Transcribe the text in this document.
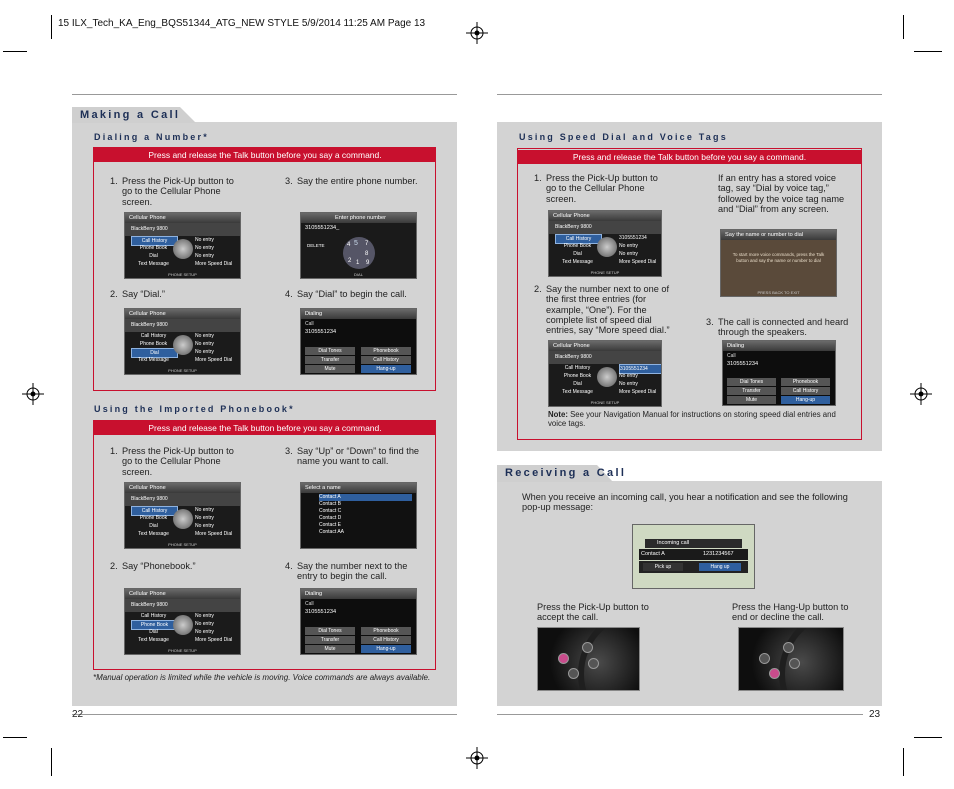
15 ILX_Tech_KA_Eng_BQS51344_ATG_NEW STYLE 5/9/2014 11:25 AM Page 13
Making a Call
Dialing a Number*
Press and release the Talk button before you say a command.
1. Press the Pick-Up button to go to the Cellular Phone screen.
2. Say “Dial.”
3. Say the entire phone number.
4. Say “Dial” to begin the call.
Cellular Phone
BlackBerry 9800
Call History	No entry
Phone Book	No entry
Dial	No entry
Text Message	More Speed Dial
PHONE SETUP
Enter phone number
3105551234_
DELETE	4 5 7
8
2 1 9
DIAL
Cellular Phone
BlackBerry 9800
Call History	No entry
Phone Book	No entry
Dial	No entry
Text Message	More Speed Dial
PHONE SETUP
Dialing
Call
3105551234
Dial Tones	Phonebook
Transfer	Call History
Mute	Hang-up
Using the Imported Phonebook*
Press and release the Talk button before you say a command.
1. Press the Pick-Up button to go to the Cellular Phone screen.
2. Say “Phonebook.”
3. Say “Up” or “Down” to find the name you want to call.
4. Say the number next to the entry to begin the call.
Cellular Phone
BlackBerry 9800
Call History	No entry
Phone Book	No entry
Dial	No entry
Text Message	More Speed Dial
PHONE SETUP
Select a name
Contact A
Contact B
Contact C
Contact D
Contact E
Contact AA
Cellular Phone
BlackBerry 9800
Call History	No entry
Phone Book	No entry
Dial	No entry
Text Message	More Speed Dial
PHONE SETUP
Dialing
Call
3105551234
Dial Tones	Phonebook
Transfer	Call History
Mute	Hang-up
*Manual operation is limited while the vehicle is moving. Voice commands are always available.
22
Using Speed Dial and Voice Tags
Press and release the Talk button before you say a command.
1. Press the Pick-Up button to go to the Cellular Phone screen.
If an entry has a stored voice tag, say “Dial by voice tag,” followed by the voice tag name and “Dial” from any screen.
2. Say the number next to one of the first three entries (for example, “One”). For the complete list of speed dial entries, say “More speed dial.”
3. The call is connected and heard through the speakers.
Cellular Phone
BlackBerry 9800
Call History	3105551234
Phone Book	No entry
Dial	No entry
Text Message	More Speed Dial
PHONE SETUP
Say the name or number to dial
To start more voice commands, press the Talk button and say the name or number to dial
PRESS BACK TO EXIT
Cellular Phone
BlackBerry 9800
Call History	3105551234
Phone Book	No entry
Dial	No entry
Text Message	More Speed Dial
PHONE SETUP
Dialing
Call
3105551234
Dial Tones	Phonebook
Transfer	Call History
Mute	Hang-up
Note: See your Navigation Manual for instructions on storing speed dial entries and voice tags.
Receiving a Call
When you receive an incoming call, you hear a notification and see the following pop-up message:
Incoming call
Contact A	1231234567
Pick up	Hang up
Press the Pick-Up button to accept the call.
Press the Hang-Up button to end or decline the call.
23
